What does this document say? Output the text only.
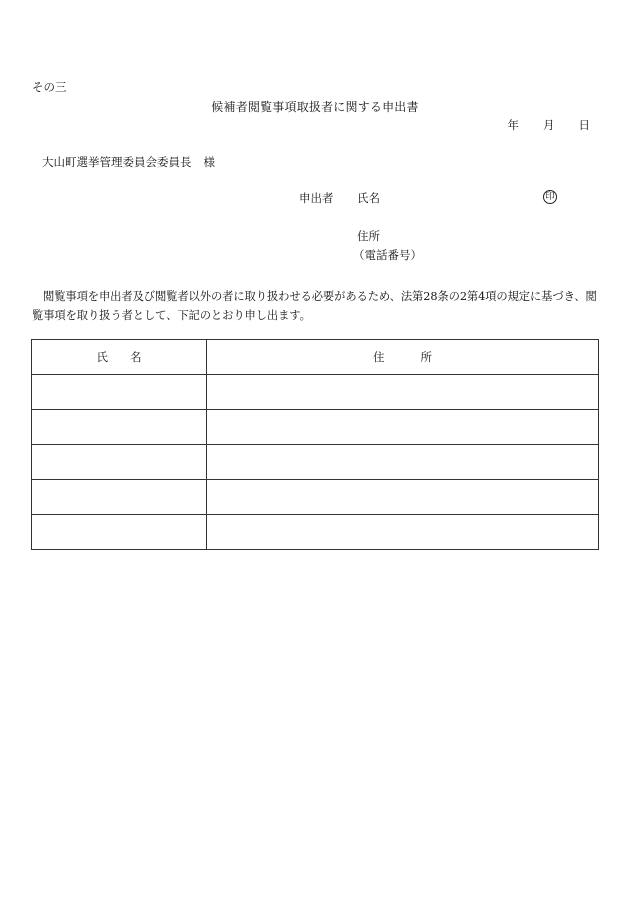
その三
候補者閲覧事項取扱者に関する申出書
年 月 日
大山町選挙管理委員会委員長 様
申出者 氏名	印
住所
（電話番号）
閲覧事項を申出者及び閲覧者以外の者に取り扱わせる必要があるため、法第28条の2第4項の規定に基づき、閲覧事項を取り扱う者として、下記のとおり申し出ます。
氏 名	住 所
